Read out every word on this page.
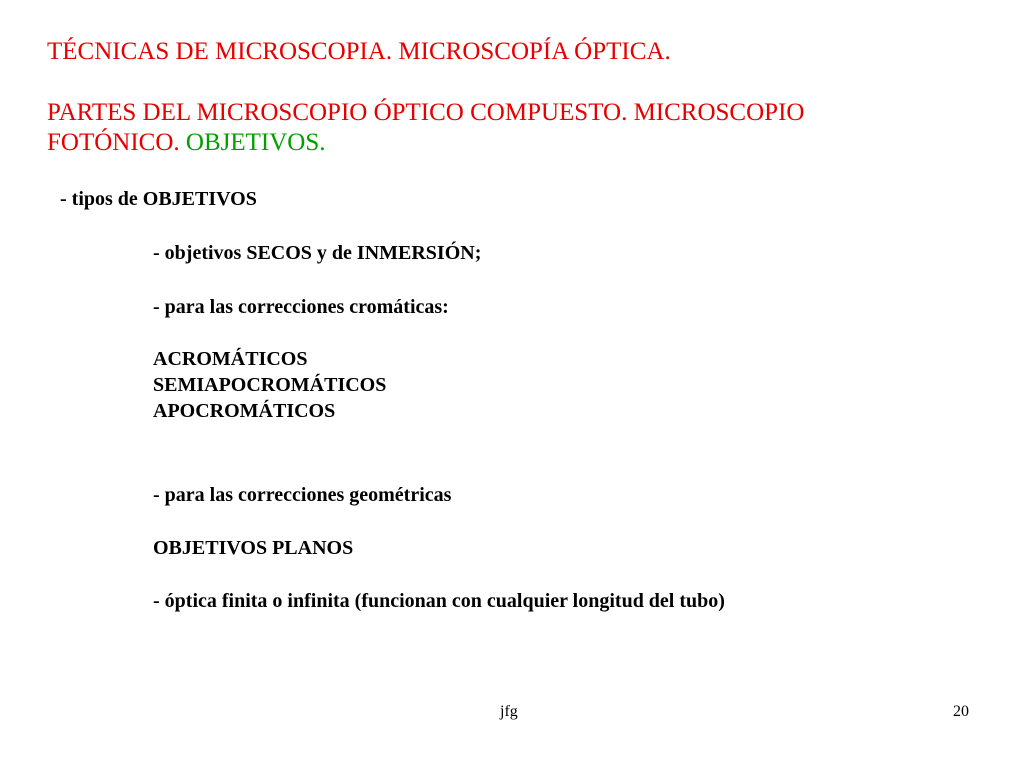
TÉCNICAS DE MICROSCOPIA. MICROSCOPÍA ÓPTICA.
PARTES DEL MICROSCOPIO ÓPTICO COMPUESTO. MICROSCOPIO
FOTÓNICO. OBJETIVOS.
- tipos de OBJETIVOS
- objetivos SECOS y de INMERSIÓN;
- para las correcciones cromáticas:
ACROMÁTICOS
SEMIAPOCROMÁTICOS
APOCROMÁTICOS
- para las correcciones geométricas
OBJETIVOS PLANOS
- óptica finita o infinita (funcionan con cualquier longitud del tubo)
jfg	20
